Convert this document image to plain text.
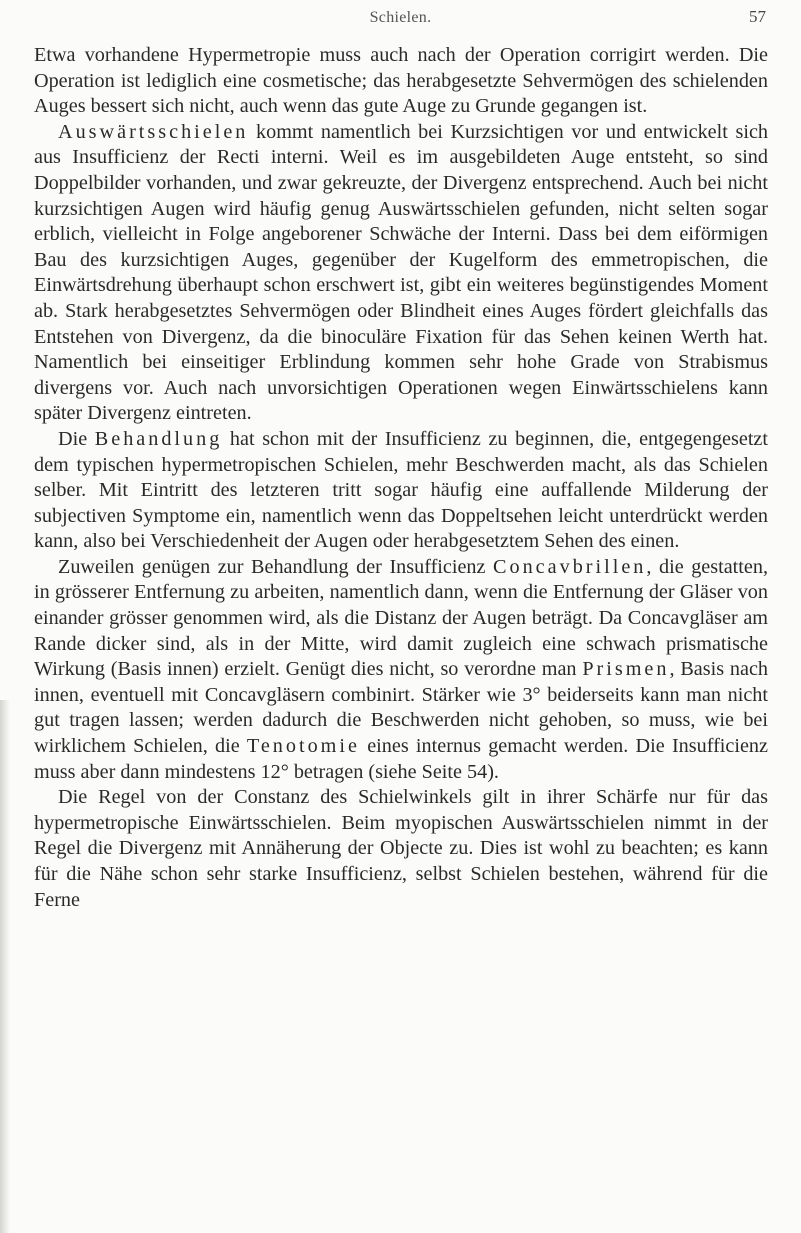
Schielen.	57

Etwa vorhandene Hypermetropie muss auch nach der Operation corrigirt werden. Die Operation ist lediglich eine cosmetische; das herabgesetzte Sehvermögen des schielenden Auges bessert sich nicht, auch wenn das gute Auge zu Grunde gegangen ist.

Auswärtsschielen kommt namentlich bei Kurzsichtigen vor und entwickelt sich aus Insufficienz der Recti interni. Weil es im ausgebildeten Auge entsteht, so sind Doppelbilder vorhanden, und zwar gekreuzte, der Divergenz entsprechend. Auch bei nicht kurzsichtigen Augen wird häufig genug Auswärtsschielen gefunden, nicht selten sogar erblich, vielleicht in Folge angeborener Schwäche der Interni. Dass bei dem eiförmigen Bau des kurzsichtigen Auges, gegenüber der Kugelform des emmetropischen, die Einwärtsdrehung überhaupt schon erschwert ist, gibt ein weiteres begünstigendes Moment ab. Stark herabgesetztes Sehvermögen oder Blindheit eines Auges fördert gleichfalls das Entstehen von Divergenz, da die binoculäre Fixation für das Sehen keinen Werth hat. Namentlich bei einseitiger Erblindung kommen sehr hohe Grade von Strabismus divergens vor. Auch nach unvorsichtigen Operationen wegen Einwärtsschielens kann später Divergenz eintreten.

Die Behandlung hat schon mit der Insufficienz zu beginnen, die, entgegengesetzt dem typischen hypermetropischen Schielen, mehr Beschwerden macht, als das Schielen selber. Mit Eintritt des letzteren tritt sogar häufig eine auffallende Milderung der subjectiven Symptome ein, namentlich wenn das Doppeltsehen leicht unterdrückt werden kann, also bei Verschiedenheit der Augen oder herabgesetztem Sehen des einen.

Zuweilen genügen zur Behandlung der Insufficienz Concavbrillen, die gestatten, in grösserer Entfernung zu arbeiten, namentlich dann, wenn die Entfernung der Gläser von einander grösser genommen wird, als die Distanz der Augen beträgt. Da Concavgläser am Rande dicker sind, als in der Mitte, wird damit zugleich eine schwach prismatische Wirkung (Basis innen) erzielt. Genügt dies nicht, so verordne man Prismen, Basis nach innen, eventuell mit Concavgläsern combinirt. Stärker wie 3° beiderseits kann man nicht gut tragen lassen; werden dadurch die Beschwerden nicht gehoben, so muss, wie bei wirklichem Schielen, die Tenotomie eines internus gemacht werden. Die Insufficienz muss aber dann mindestens 12° betragen (siehe Seite 54).

Die Regel von der Constanz des Schielwinkels gilt in ihrer Schärfe nur für das hypermetropische Einwärtsschielen. Beim myopischen Auswärtsschielen nimmt in der Regel die Divergenz mit Annäherung der Objecte zu. Dies ist wohl zu beachten; es kann für die Nähe schon sehr starke Insufficienz, selbst Schielen bestehen, während für die Ferne
